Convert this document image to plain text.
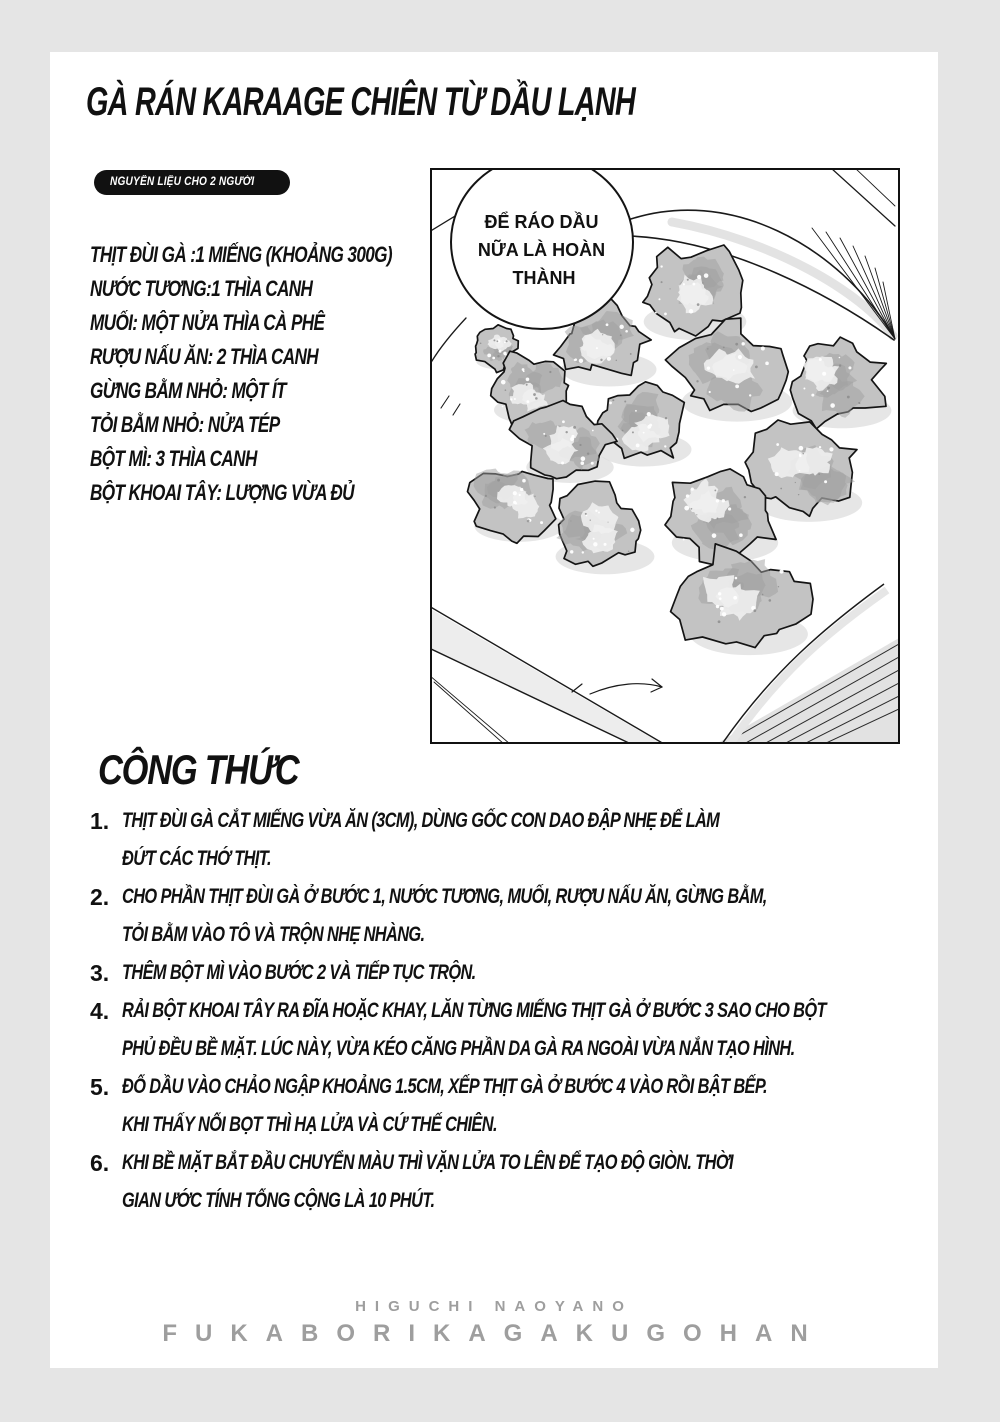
GÀ RÁN KARAAGE CHIÊN TỪ DẦU LẠNH
NGUYÊN LIỆU CHO 2 NGƯỜI
THỊT ĐÙI GÀ :1 MIẾNG (KHOẢNG 300G)
NƯỚC TƯƠNG:1 THÌA CANH
MUỐI: MỘT NỬA THÌA CÀ PHÊ
RƯỢU NẤU ĂN: 2 THÌA CANH
GỪNG BẰM NHỎ: MỘT ÍT
TỎI BẰM NHỎ: NỬA TÉP
BỘT MÌ: 3 THÌA CANH
BỘT KHOAI TÂY: LƯỢNG VỪA ĐỦ
ĐỂ RÁO DẦU NỮA LÀ HOÀN THÀNH
CÔNG THỨC
1. THỊT ĐÙI GÀ CẮT MIẾNG VỪA ĂN (3CM), DÙNG GỐC CON DAO ĐẬP NHẸ ĐỂ LÀM
ĐỨT CÁC THỚ THỊT.
2. CHO PHẦN THỊT ĐÙI GÀ Ở BƯỚC 1, NƯỚC TƯƠNG, MUỐI, RƯỢU NẤU ĂN, GỪNG BẰM,
TỎI BẰM VÀO TÔ VÀ TRỘN NHẸ NHÀNG.
3. THÊM BỘT MÌ VÀO BƯỚC 2 VÀ TIẾP TỤC TRỘN.
4. RẢI BỘT KHOAI TÂY RA ĐĨA HOẶC KHAY, LĂN TỪNG MIẾNG THỊT GÀ Ở BƯỚC 3 SAO CHO BỘT
PHỦ ĐỀU BỀ MẶT. LÚC NÀY, VỪA KÉO CĂNG PHẦN DA GÀ RA NGOÀI VỪA NẮN TẠO HÌNH.
5. ĐỔ DẦU VÀO CHẢO NGẬP KHOẢNG 1.5CM, XẾP THỊT GÀ Ở BƯỚC 4 VÀO RỒI BẬT BẾP.
KHI THẤY NỔI BỌT THÌ HẠ LỬA VÀ CỨ THẾ CHIÊN.
6. KHI BỀ MẶT BẮT ĐẦU CHUYỂN MÀU THÌ VẶN LỬA TO LÊN ĐỂ TẠO ĐỘ GIÒN. THỜI
GIAN ƯỚC TÍNH TỔNG CỘNG LÀ 10 PHÚT.
HIGUCHI NAOYANO
FUKABORIKAGAKUGOHAN
